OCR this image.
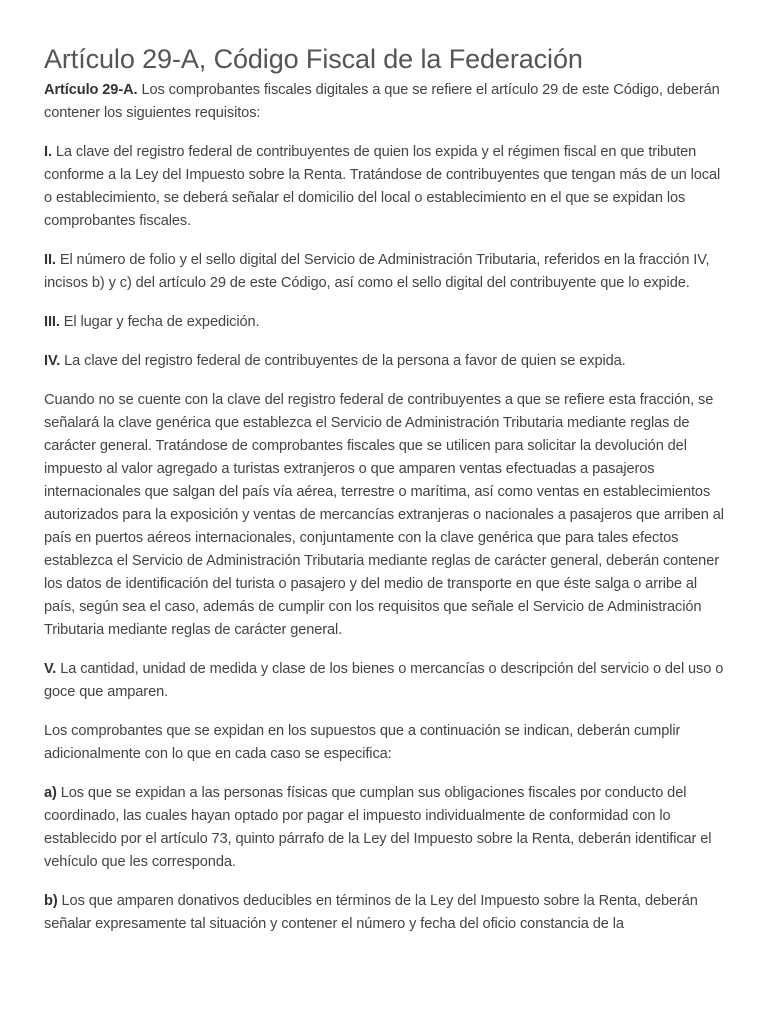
Artículo 29-A, Código Fiscal de la Federación

Artículo 29-A. Los comprobantes fiscales digitales a que se refiere el artículo 29 de este Código, deberán contener los siguientes requisitos:

I. La clave del registro federal de contribuyentes de quien los expida y el régimen fiscal en que tributen conforme a la Ley del Impuesto sobre la Renta. Tratándose de contribuyentes que tengan más de un local o establecimiento, se deberá señalar el domicilio del local o establecimiento en el que se expidan los comprobantes fiscales.

II. El número de folio y el sello digital del Servicio de Administración Tributaria, referidos en la fracción IV, incisos b) y c) del artículo 29 de este Código, así como el sello digital del contribuyente que lo expide.

III. El lugar y fecha de expedición.

IV. La clave del registro federal de contribuyentes de la persona a favor de quien se expida.

Cuando no se cuente con la clave del registro federal de contribuyentes a que se refiere esta fracción, se señalará la clave genérica que establezca el Servicio de Administración Tributaria mediante reglas de carácter general. Tratándose de comprobantes fiscales que se utilicen para solicitar la devolución del impuesto al valor agregado a turistas extranjeros o que amparen ventas efectuadas a pasajeros internacionales que salgan del país vía aérea, terrestre o marítima, así como ventas en establecimientos autorizados para la exposición y ventas de mercancías extranjeras o nacionales a pasajeros que arriben al país en puertos aéreos internacionales, conjuntamente con la clave genérica que para tales efectos establezca el Servicio de Administración Tributaria mediante reglas de carácter general, deberán contener los datos de identificación del turista o pasajero y del medio de transporte en que éste salga o arribe al país, según sea el caso, además de cumplir con los requisitos que señale el Servicio de Administración Tributaria mediante reglas de carácter general.

V. La cantidad, unidad de medida y clase de los bienes o mercancías o descripción del servicio o del uso o goce que amparen.

Los comprobantes que se expidan en los supuestos que a continuación se indican, deberán cumplir adicionalmente con lo que en cada caso se especifica:

a) Los que se expidan a las personas físicas que cumplan sus obligaciones fiscales por conducto del coordinado, las cuales hayan optado por pagar el impuesto individualmente de conformidad con lo establecido por el artículo 73, quinto párrafo de la Ley del Impuesto sobre la Renta, deberán identificar el vehículo que les corresponda.

b) Los que amparen donativos deducibles en términos de la Ley del Impuesto sobre la Renta, deberán señalar expresamente tal situación y contener el número y fecha del oficio constancia de la
